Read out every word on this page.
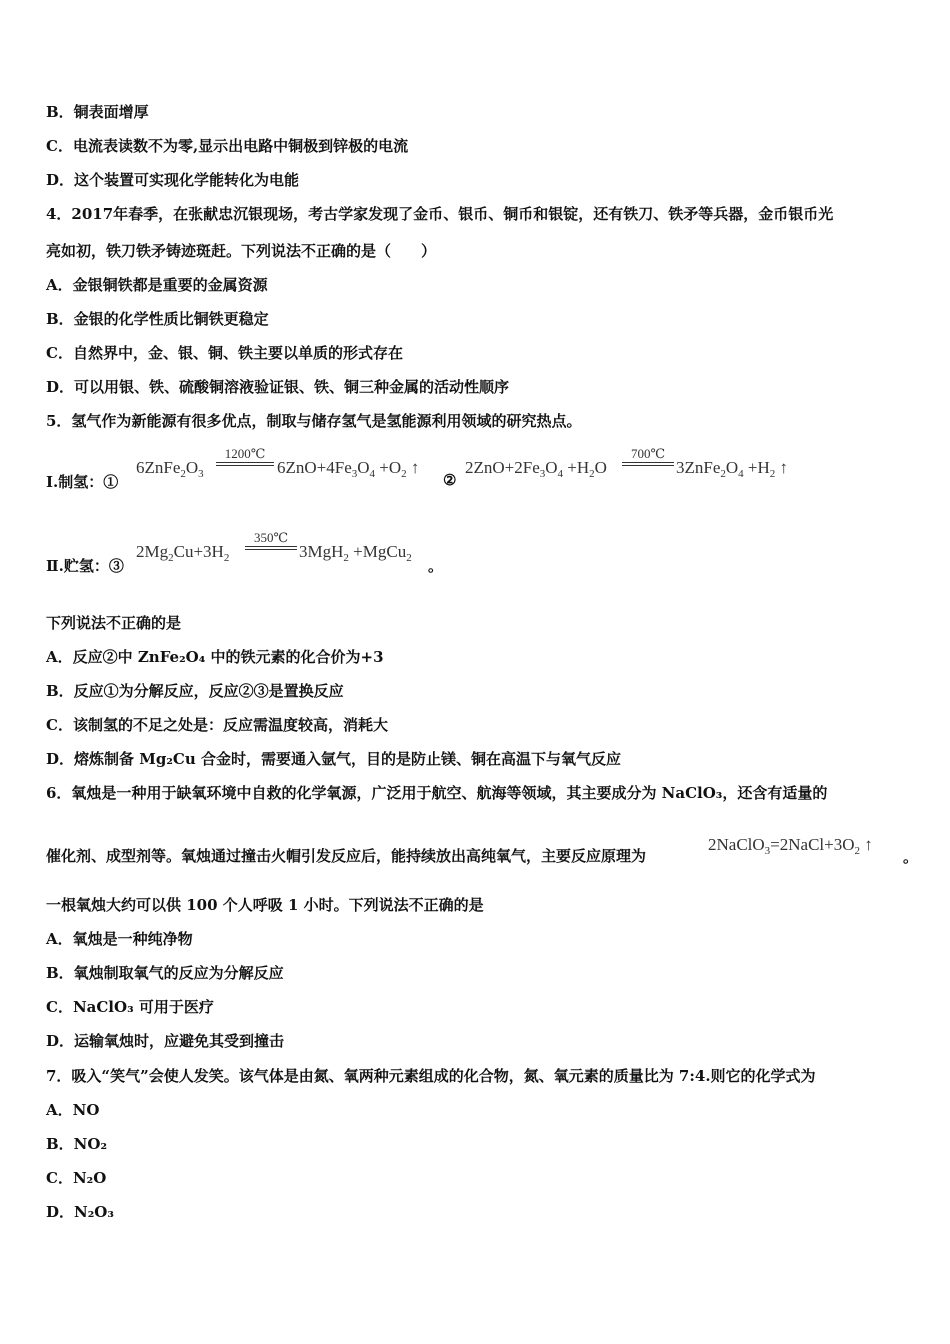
B．铜表面增厚
C．电流表读数不为零,显示出电路中铜极到锌极的电流
D．这个装置可实现化学能转化为电能
4．2017年春季，在张献忠沉银现场，考古学家发现了金币、银币、铜币和银锭，还有铁刀、铁矛等兵器，金币银币光
亮如初，铁刀铁矛铸迹斑赶。下列说法不正确的是（　　）
A．金银铜铁都是重要的金属资源
B．金银的化学性质比铜铁更稳定
C．自然界中，金、银、铜、铁主要以单质的形式存在
D．可以用银、铁、硫酸铜溶液验证银、铁、铜三种金属的活动性顺序
5．氢气作为新能源有很多优点，制取与储存氢气是氢能源利用领域的研究热点。
Ⅰ.制氢：①
$6ZnFe_2O_3$
1200℃
$6ZnO+4Fe_3O_4 +O_2$ ↑
②
$2ZnO+2Fe_3O_4 +H_2O$
700℃
$3ZnFe_2O_4 +H_2$ ↑
Ⅱ.贮氢：③
$2Mg_2Cu+3H_2$
350℃
3MgH$_2$ +MgCu$_2$ 。
下列说法不正确的是
A．反应②中 ZnFe₂O₄ 中的铁元素的化合价为+3
B．反应①为分解反应，反应②③是置换反应
C．该制氢的不足之处是：反应需温度较高，消耗大
D．熔炼制备 Mg₂Cu 合金时，需要通入氩气，目的是防止镁、铜在高温下与氧气反应
6．氧烛是一种用于缺氧环境中自救的化学氧源，广泛用于航空、航海等领域，其主要成分为 NaClO₃，还含有适量的
催化剂、成型剂等。氧烛通过撞击火帽引发反应后，能持续放出高纯氧气，主要反应原理为
$2NaClO_3=2NaCl+3O_2$ ↑
。
一根氧烛大约可以供 100 个人呼吸 1 小时。下列说法不正确的是
A．氧烛是一种纯净物
B．氧烛制取氧气的反应为分解反应
C．NaClO₃ 可用于医疗
D．运输氧烛时，应避免其受到撞击
7．吸入“笑气”会使人发笑。该气体是由氮、氧两种元素组成的化合物，氮、氧元素的质量比为 7:4.则它的化学式为
A．NO
B．NO₂
C．N₂O
D．N₂O₃
